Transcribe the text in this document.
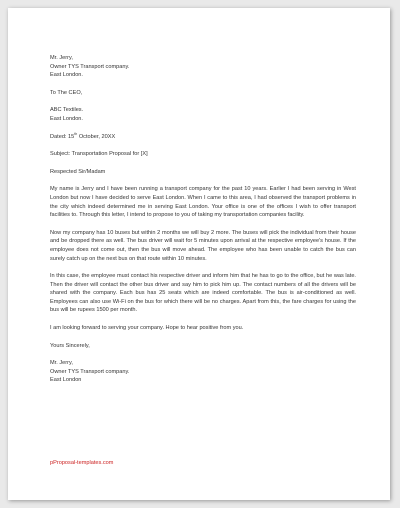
Mr. Jerry,
Owner TYS Transport company.
East London.
To The CEO,
ABC Textiles.
East London.
Dated: 15th October, 20XX
Subject: Transportation Proposal for [X]
Respected Sir/Madam

My name is Jerry and I have been running a transport company for the past 10 years. Earlier I had been serving in West London but now I have decided to serve East London. When I came to this area, I had observed the transport problems in the city which indeed determined me in serving East London. Your office is one of the offices I wish to offer transport facilities to. Through this letter, I intend to propose to you of taking my transportation companies facility.

Now my company has 10 buses but within 2 months we will buy 2 more. The buses will pick the individual from their house and be dropped there as well. The bus driver will wait for 5 minutes upon arrival at the respective employee's house. If the employee does not come out, then the bus will move ahead. The employee who has been unable to catch the bus can surely catch up on the next bus on that route within 10 minutes.

In this case, the employee must contact his respective driver and inform him that he has to go to the office, but he was late. Then the driver will contact the other bus driver and say him to pick him up. The contact numbers of all the drivers will be shared with the company. Each bus has 25 seats which are indeed comfortable. The bus is air-conditioned as well. Employees can also use Wi-Fi on the bus for which there will be no charges. Apart from this, the fare charges for using the bus will be rupees 1500 per month.

I am looking forward to serving your company. Hope to hear positive from you.

Yours Sincerely,
Mr. Jerry,
Owner TYS Transport company.
East London
pProposal-templates.com
